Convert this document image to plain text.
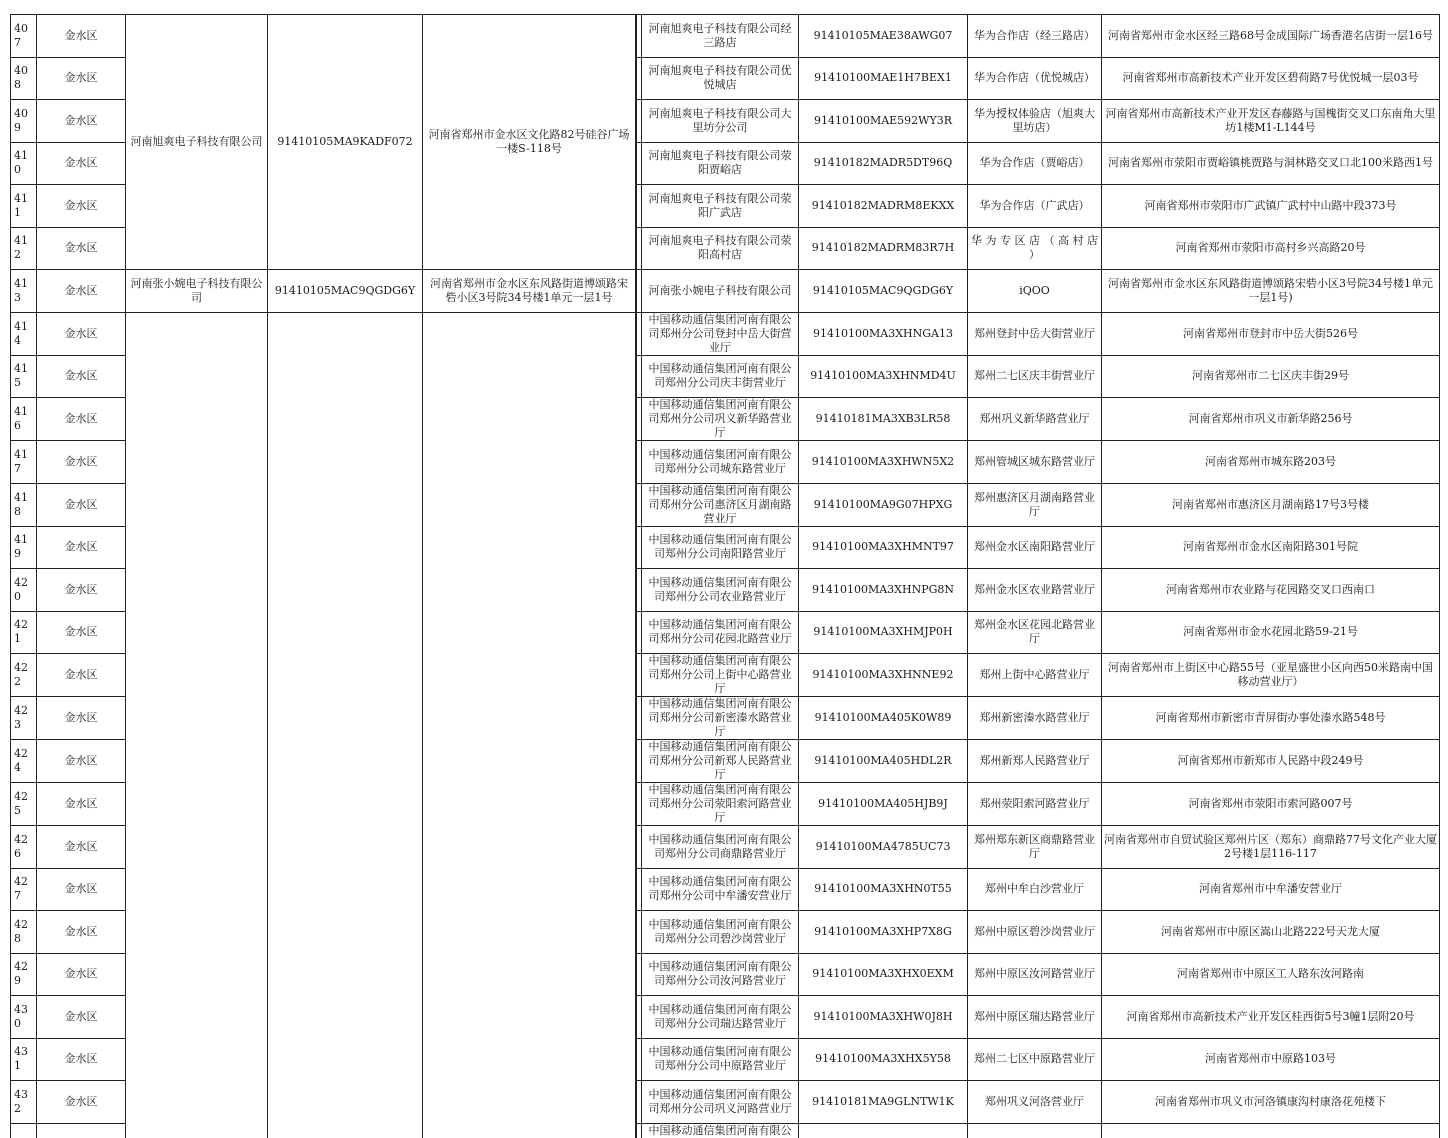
407	金水区	河南旭爽电子科技有限公司	91410105MA9KADF072	河南省郑州市金水区文化路82号硅谷广场一楼S-118号		河南旭爽电子科技有限公司经三路店	91410105MAE38AWG07	华为合作店（经三路店）	河南省郑州市金水区经三路68号金成国际广场香港名店街一层16号
408	金水区					河南旭爽电子科技有限公司优悦城店	91410100MAE1H7BEX1	华为合作店（优悦城店）	河南省郑州市高新技术产业开发区碧荷路7号优悦城一层03号
409	金水区					河南旭爽电子科技有限公司大里坊分公司	91410100MAE592WY3R	华为授权体验店（旭爽大里坊店）	河南省郑州市高新技术产业开发区春藤路与国槐街交叉口东南角大里坊1楼M1-L144号
410	金水区					河南旭爽电子科技有限公司荥阳贾峪店	91410182MADR5DT96Q	华为合作店（贾峪店）	河南省郑州市荥阳市贾峪镇桃贾路与洞林路交叉口北100米路西1号
411	金水区					河南旭爽电子科技有限公司荥阳广武店	91410182MADRM8EKXX	华为合作店（广武店）	河南省郑州市荥阳市广武镇广武村中山路中段373号
412	金水区					河南旭爽电子科技有限公司荥阳高村店	91410182MADRM83R7H	华 为 专 区 店 （ 高 村 店 ）	河南省郑州市荥阳市高村乡兴高路20号
413	金水区	河南张小婉电子科技有限公司	91410105MAC9QGDG6Y	河南省郑州市金水区东风路街道博颂路宋砦小区3号院34号楼1单元一层1号		河南张小婉电子科技有限公司	91410105MAC9QGDG6Y	iQOO	河南省郑州市金水区东风路街道博颂路宋砦小区3号院34号楼1单元一层1号)
414	金水区					中国移动通信集团河南有限公司郑州分公司登封中岳大街营业厅	91410100MA3XHNGA13	郑州登封中岳大街营业厅	河南省郑州市登封市中岳大街526号
415	金水区					中国移动通信集团河南有限公司郑州分公司庆丰街营业厅	91410100MA3XHNMD4U	郑州二七区庆丰街营业厅	河南省郑州市二七区庆丰街29号
416	金水区					中国移动通信集团河南有限公司郑州分公司巩义新华路营业厅	91410181MA3XB3LR58	郑州巩义新华路营业厅	河南省郑州市巩义市新华路256号
417	金水区					中国移动通信集团河南有限公司郑州分公司城东路营业厅	91410100MA3XHWN5X2	郑州管城区城东路营业厅	河南省郑州市城东路203号
418	金水区					中国移动通信集团河南有限公司郑州分公司惠济区月湖南路营业厅	91410100MA9G07HPXG	郑州惠济区月湖南路营业厅	河南省郑州市惠济区月湖南路17号3号楼
419	金水区					中国移动通信集团河南有限公司郑州分公司南阳路营业厅	91410100MA3XHMNT97	郑州金水区南阳路营业厅	河南省郑州市金水区南阳路301号院
420	金水区					中国移动通信集团河南有限公司郑州分公司农业路营业厅	91410100MA3XHNPG8N	郑州金水区农业路营业厅	河南省郑州市农业路与花园路交叉口西南口
421	金水区					中国移动通信集团河南有限公司郑州分公司花园北路营业厅	91410100MA3XHMJP0H	郑州金水区花园北路营业厅	河南省郑州市金水花园北路59-21号
422	金水区					中国移动通信集团河南有限公司郑州分公司上街中心路营业厅	91410100MA3XHNNE92	郑州上街中心路营业厅	河南省郑州市上街区中心路55号（亚星盛世小区向西50米路南中国移动营业厅）
423	金水区					中国移动通信集团河南有限公司郑州分公司新密溱水路营业厅	91410100MA405K0W89	郑州新密溱水路营业厅	河南省郑州市新密市青屏街办事处溱水路548号
424	金水区					中国移动通信集团河南有限公司郑州分公司新郑人民路营业厅	91410100MA405HDL2R	郑州新郑人民路营业厅	河南省郑州市新郑市人民路中段249号
425	金水区					中国移动通信集团河南有限公司郑州分公司荥阳索河路营业厅	91410100MA405HJB9J	郑州荥阳索河路营业厅	河南省郑州市荥阳市索河路007号
426	金水区					中国移动通信集团河南有限公司郑州分公司商鼎路营业厅	91410100MA4785UC73	郑州郑东新区商鼎路营业厅	河南省郑州市自贸试验区郑州片区（郑东）商鼎路77号文化产业大厦2号楼1层116-117
427	金水区					中国移动通信集团河南有限公司郑州分公司中牟潘安营业厅	91410100MA3XHN0T55	郑州中牟白沙营业厅	河南省郑州市中牟潘安营业厅
428	金水区					中国移动通信集团河南有限公司郑州分公司碧沙岗营业厅	91410100MA3XHP7X8G	郑州中原区碧沙岗营业厅	河南省郑州市中原区嵩山北路222号天龙大厦
429	金水区					中国移动通信集团河南有限公司郑州分公司汝河路营业厅	91410100MA3XHX0EXM	郑州中原区汝河路营业厅	河南省郑州市中原区工人路东汝河路南
430	金水区					中国移动通信集团河南有限公司郑州分公司瑞达路营业厅	91410100MA3XHW0J8H	郑州中原区瑞达路营业厅	河南省郑州市高新技术产业开发区桂西街5号3幢1层附20号
431	金水区					中国移动通信集团河南有限公司郑州分公司中原路营业厅	91410100MA3XHX5Y58	郑州二七区中原路营业厅	河南省郑州市中原路103号
432	金水区					中国移动通信集团河南有限公司郑州分公司巩义河路营业厅	91410181MA9GLNTW1K	郑州巩义河洛营业厅	河南省郑州市巩义市河洛镇康沟村康洛花苑楼下
						中国移动通信集团河南有限公			
